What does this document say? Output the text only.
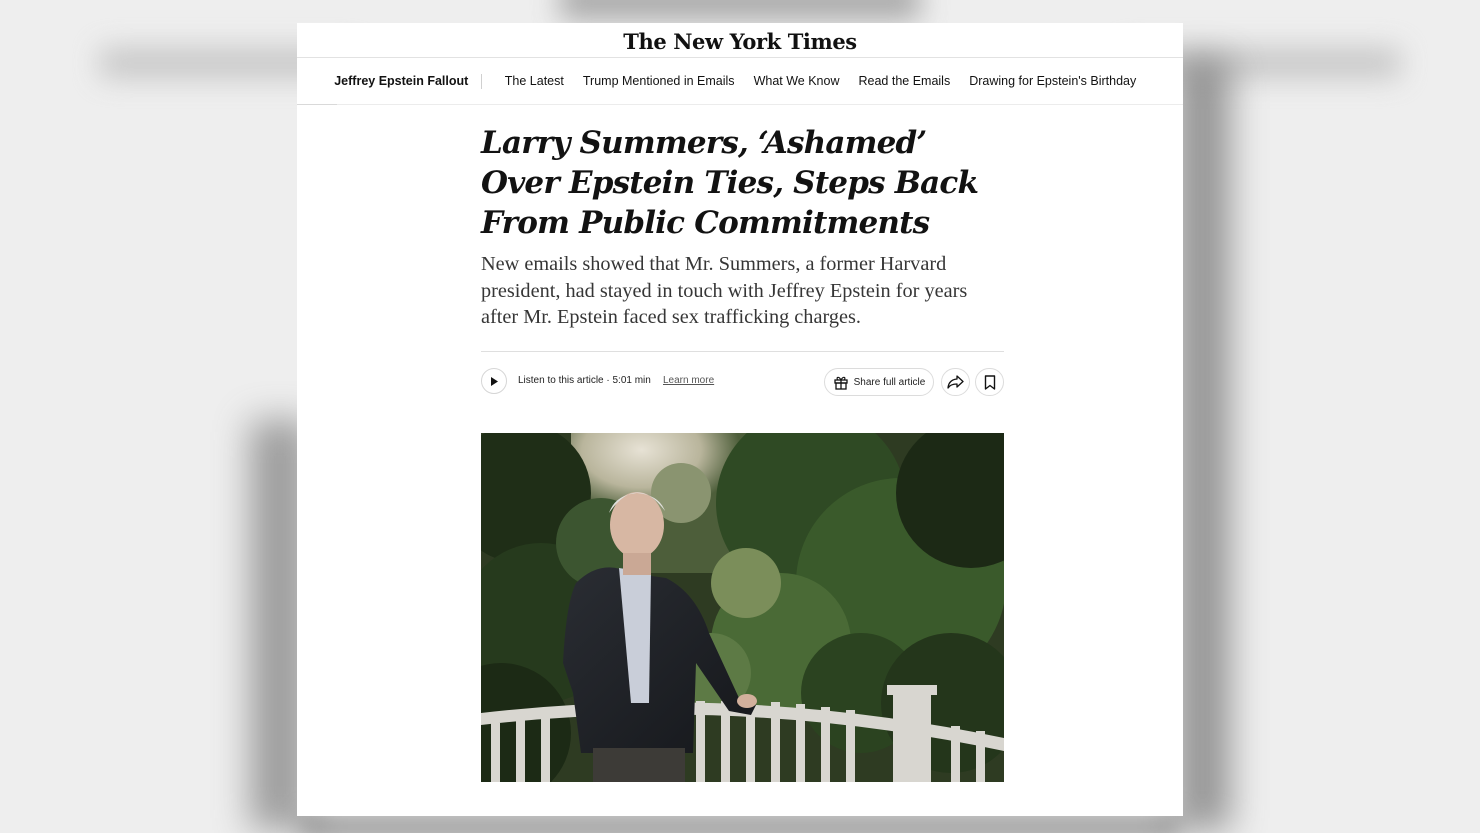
The New York Times
Jeffrey Epstein Fallout	The Latest Trump Mentioned in Emails What We Know Read the Emails Drawing for Epstein's Birthday
Larry Summers, ‘Ashamed’ Over Epstein Ties, Steps Back From Public Commitments

New emails showed that Mr. Summers, a former Harvard president, had stayed in touch with Jeffrey Epstein for years after Mr. Epstein faced sex trafficking charges.

Listen to this article · 5:01 min Learn more	Share full article
